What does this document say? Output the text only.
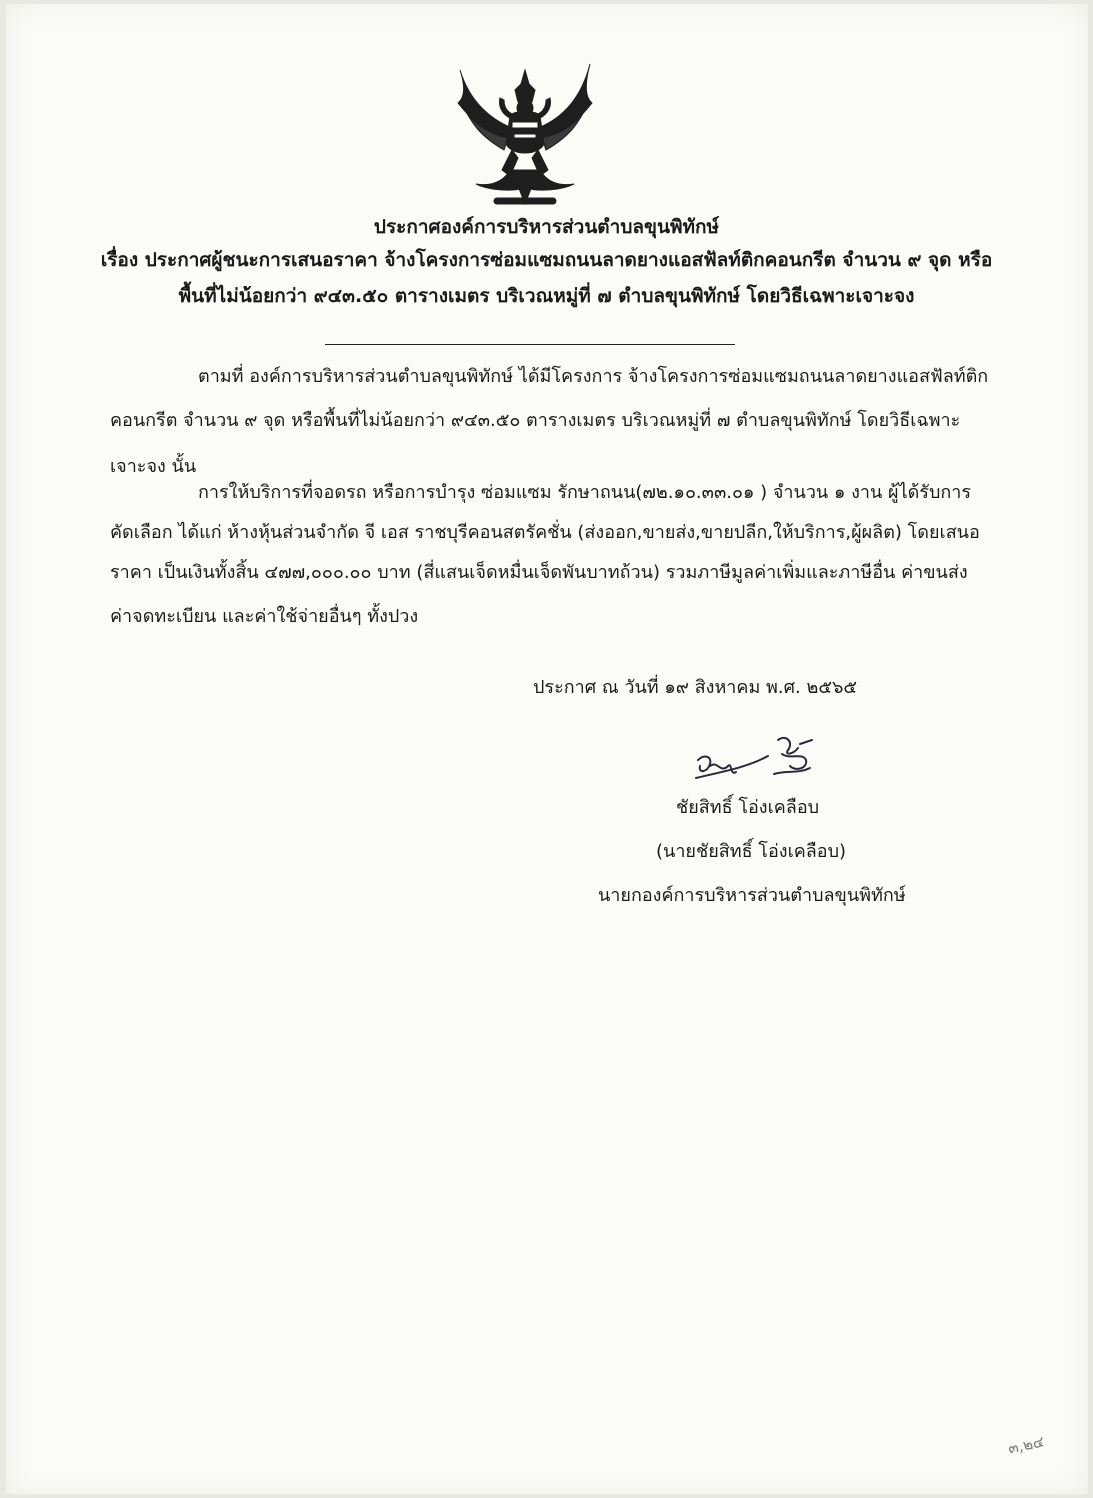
ประกาศองค์การบริหารส่วนตำบลขุนพิทักษ์
เรื่อง ประกาศผู้ชนะการเสนอราคา จ้างโครงการซ่อมแซมถนนลาดยางแอสฟัลท์ติกคอนกรีต จำนวน ๙ จุด หรือ
พื้นที่ไม่น้อยกว่า ๙๔๓.๕๐ ตารางเมตร บริเวณหมู่ที่ ๗ ตำบลขุนพิทักษ์ โดยวิธีเฉพาะเจาะจง
ตามที่ องค์การบริหารส่วนตำบลขุนพิทักษ์ ได้มีโครงการ จ้างโครงการซ่อมแซมถนนลาดยางแอสฟัลท์ติก
คอนกรีต จำนวน ๙ จุด หรือพื้นที่ไม่น้อยกว่า ๙๔๓.๕๐ ตารางเมตร บริเวณหมู่ที่ ๗ ตำบลขุนพิทักษ์ โดยวิธีเฉพาะ
เจาะจง นั้น
การให้บริการที่จอดรถ หรือการบำรุง ซ่อมแซม รักษาถนน(๗๒.๑๐.๓๓.๐๑ ) จำนวน ๑ งาน ผู้ได้รับการ
คัดเลือก ได้แก่ ห้างหุ้นส่วนจำกัด จี เอส ราชบุรีคอนสตรัคชั่น (ส่งออก,ขายส่ง,ขายปลีก,ให้บริการ,ผู้ผลิต) โดยเสนอ
ราคา เป็นเงินทั้งสิ้น ๔๗๗,๐๐๐.๐๐ บาท (สี่แสนเจ็ดหมื่นเจ็ดพันบาทถ้วน) รวมภาษีมูลค่าเพิ่มและภาษีอื่น ค่าขนส่ง
ค่าจดทะเบียน และค่าใช้จ่ายอื่นๆ ทั้งปวง
ประกาศ ณ วันที่ ๑๙ สิงหาคม พ.ศ. ๒๕๖๕
ชัยสิทธิ์ โอ่งเคลือบ
(นายชัยสิทธิ์ โอ่งเคลือบ)
นายกองค์การบริหารส่วนตำบลขุนพิทักษ์
๓,๒๔
